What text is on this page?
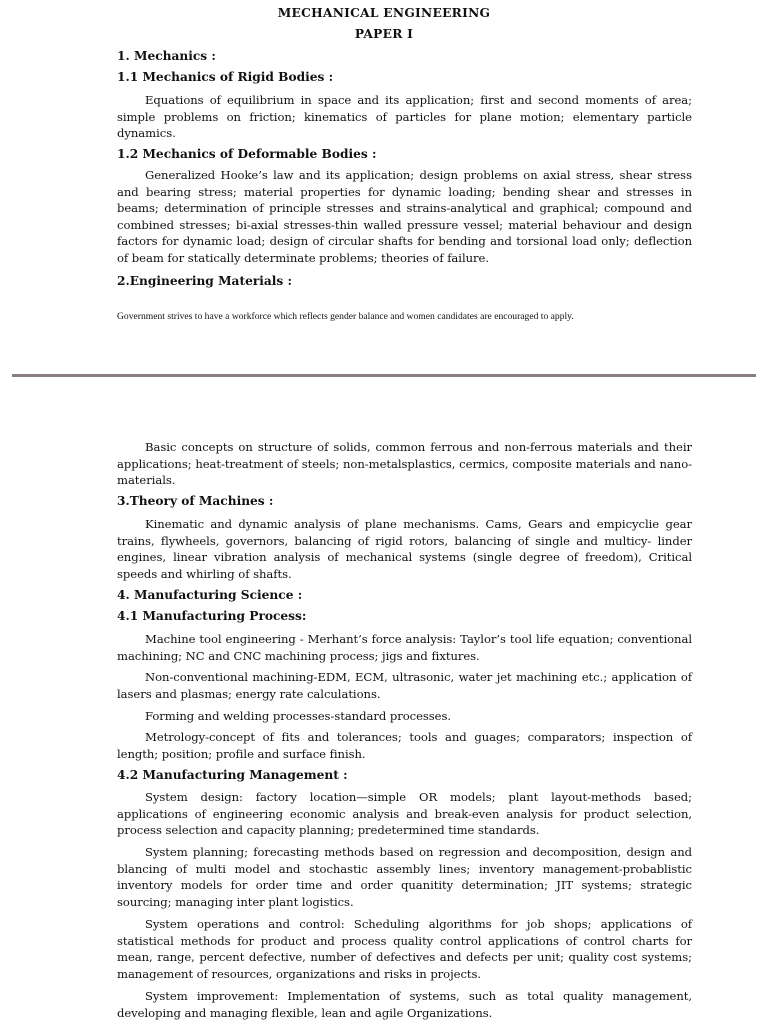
MECHANICAL ENGINEERING
PAPER I
1. Mechanics :
1.1 Mechanics of Rigid Bodies :

Equations of equilibrium in space and its application; first and second moments of area; simple problems on friction; kinematics of particles for plane motion; elementary particle dynamics.

1.2 Mechanics of Deformable Bodies :

Generalized Hooke’s law and its application; design problems on axial stress, shear stress and bearing stress; material properties for dynamic loading; bending shear and stresses in beams; determination of principle stresses and strains-analytical and graphical; compound and combined stresses; bi-axial stresses-thin walled pressure vessel; material behaviour and design factors for dynamic load; design of circular shafts for bending and torsional load only; deflection of beam for statically determinate problems; theories of failure.

2.Engineering Materials :
Government strives to have a workforce which reflects gender balance and women candidates are encouraged to apply.

Basic concepts on structure of solids, common ferrous and non-ferrous materials and their applications; heat-treatment of steels; non-metalsplastics, cermics, composite materials and nano-materials.

3.Theory of Machines :

Kinematic and dynamic analysis of plane mechanisms. Cams, Gears and empicyclie gear trains, flywheels, governors, balancing of rigid rotors, balancing of single and multicy- linder engines, linear vibration analysis of mechanical systems (single degree of freedom), Critical speeds and whirling of shafts.

4. Manufacturing Science :
4.1 Manufacturing Process:

Machine tool engineering - Merhant’s force analysis: Taylor’s tool life equation; conventional machining; NC and CNC machining process; jigs and fixtures.

Non-conventional machining-EDM, ECM, ultrasonic, water jet machining etc.; application of lasers and plasmas; energy rate calculations.

Forming and welding processes-standard processes.

Metrology-concept of fits and tolerances; tools and guages; comparators; inspection of length; position; profile and surface finish.

4.2 Manufacturing Management :

System design: factory location—simple OR models; plant layout-methods based; applications of engineering economic analysis and break-even analysis for product selection, process selection and capacity planning; predetermined time standards.

System planning; forecasting methods based on regression and decomposition, design and blancing of multi model and stochastic assembly lines; inventory management-probablistic inventory models for order time and order quanitity determination; JIT systems; strategic sourcing; managing inter plant logistics.

System operations and control: Scheduling algorithms for job shops; applications of statistical methods for product and process quality control applications of control charts for mean, range, percent defective, number of defectives and defects per unit; quality cost systems; management of resources, organizations and risks in projects.

System improvement: Implementation of systems, such as total quality management, developing and managing flexible, lean and agile Organizations.
